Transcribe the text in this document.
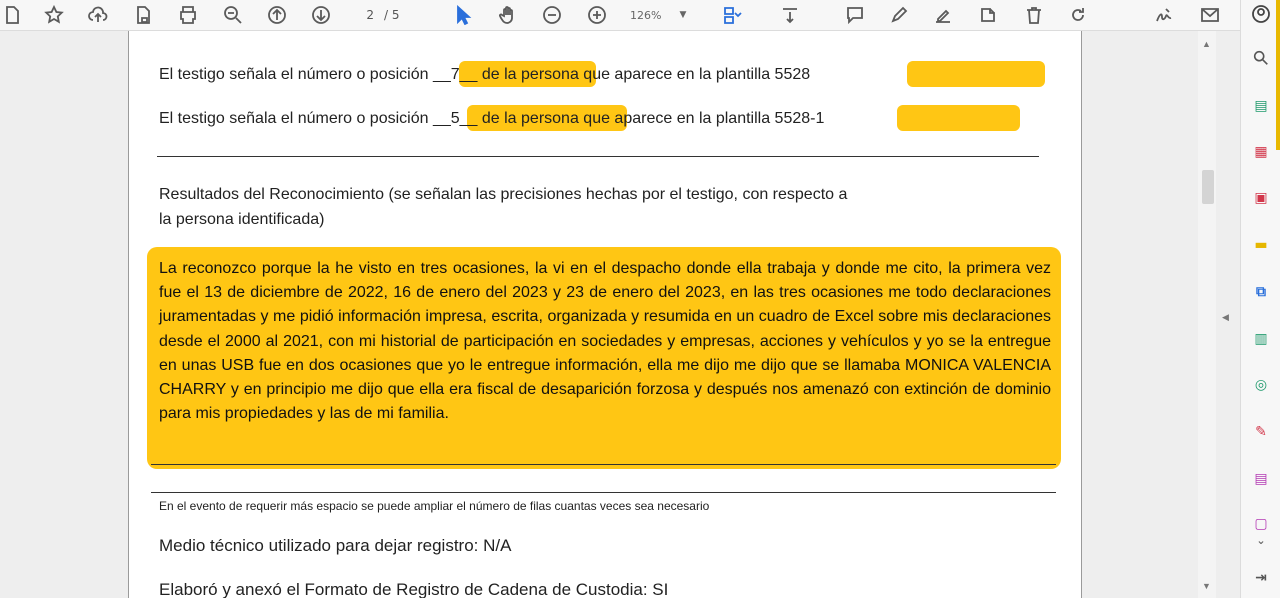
2 / 5	126% ▼
El testigo señala el número o posición __7__ de la persona que aparece en la plantilla 5528
El testigo señala el número o posición __5__ de la persona que aparece en la plantilla 5528-1
Resultados del Reconocimiento (se señalan las precisiones hechas por el testigo, con respecto a
la persona identificada)
La reconozco porque la he visto en tres ocasiones, la vi en el despacho donde ella trabaja y donde me cito, la primera vez fue el 13 de diciembre de 2022, 16 de enero del 2023 y 23 de enero del 2023, en las tres ocasiones me todo declaraciones juramentadas y me pidió información impresa, escrita, organizada y resumida en un cuadro de Excel sobre mis declaraciones desde el 2000 al 2021, con mi historial de participación en sociedades y empresas, acciones y vehículos y yo se la entregue en unas USB fue en dos ocasiones que yo le entregue información, ella me dijo me dijo que se llamaba MONICA VALENCIA CHARRY y en principio me dijo que ella era fiscal de desaparición forzosa y después nos amenazó con extinción de dominio para mis propiedades y las de mi familia.
En el evento de requerir más espacio se puede ampliar el número de filas cuantas veces sea necesario
Medio técnico utilizado para dejar registro: N/A
Elaboró y anexó el Formato de Registro de Cadena de Custodia: SI
▲
▼
◀
▤
▦
▣
▬
⧉
▥
◎
✎
▤
▢
⌄
⇥
